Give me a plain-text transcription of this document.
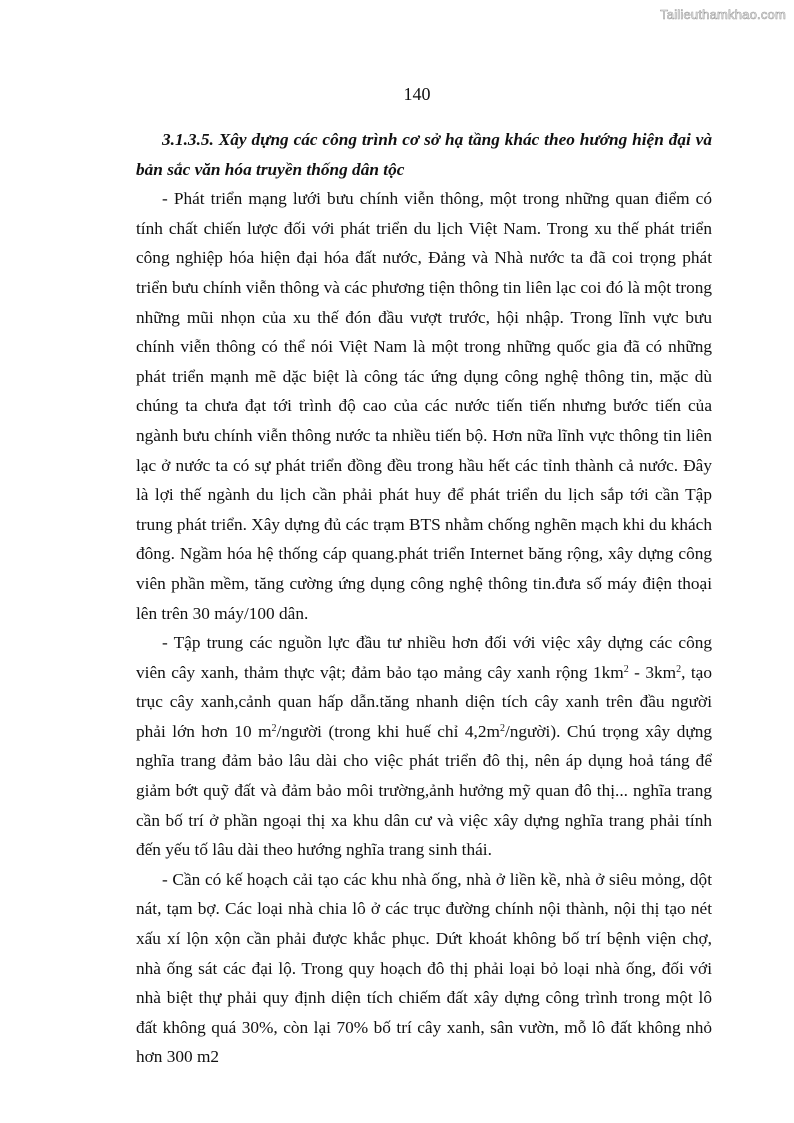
Tailieuthamkhao.com
140

3.1.3.5. Xây dựng các công trình cơ sở hạ tầng khác theo hướng hiện đại và bản sắc văn hóa truyền thống dân tộc

- Phát triển mạng lưới bưu chính viễn thông, một trong những quan điểm có tính chất chiến lược đối với phát triển du lịch Việt Nam. Trong xu thế phát triển công nghiệp hóa hiện đại hóa đất nước, Đảng và Nhà nước ta đã coi trọng phát triển bưu chính viễn thông và các phương tiện thông tin liên lạc coi đó là một trong những mũi nhọn của xu thế đón đầu vượt trước, hội nhập. Trong lĩnh vực bưu chính viễn thông có thể nói Việt Nam là một trong những quốc gia đã có những phát triển mạnh mẽ dặc biệt là công tác ứng dụng công nghệ thông tin, mặc dù chúng ta chưa đạt tới trình độ cao của các nước tiến tiến nhưng bước tiến của ngành bưu chính viễn thông nước ta nhiều tiến bộ. Hơn nữa lĩnh vực thông tin liên lạc ở nước ta có sự phát triển đồng đều trong hầu hết các tỉnh thành cả nước. Đây là lợi thế ngành du lịch cần phải phát huy để phát triển du lịch sắp tới cần Tập trung phát triển. Xây dựng đủ các trạm BTS nhằm chống nghẽn mạch khi du khách đông. Ngầm hóa hệ thống cáp quang.phát triển Internet băng rộng, xây dựng công viên phần mềm, tăng cường ứng dụng công nghệ thông tin.đưa số máy điện thoại lên trên 30 máy/100 dân.

- Tập trung các nguồn lực đầu tư nhiều hơn đối với việc xây dựng các công viên cây xanh, thảm thực vật; đảm bảo tạo mảng cây xanh rộng $1km^2 - 3km^2$, tạo trục cây xanh,cảnh quan hấp dẫn.tăng nhanh diện tích cây xanh trên đầu người phải lớn hơn 10 $m^2$/người (trong khi huế chỉ $4,2m^2/người$). Chú trọng xây dựng nghĩa trang đảm bảo lâu dài cho việc phát triển đô thị, nên áp dụng hoả táng để giảm bớt quỹ đất và đảm bảo môi trường,ảnh hưởng mỹ quan đô thị... nghĩa trang cần bố trí ở phần ngoại thị xa khu dân cư và việc xây dựng nghĩa trang phải tính đến yếu tố lâu dài theo hướng nghĩa trang sinh thái.

- Cần có kế hoạch cải tạo các khu nhà ống, nhà ở liền kề, nhà ở siêu mỏng, dột nát, tạm bợ. Các loại nhà chia lô ở các trục đường chính nội thành, nội thị tạo nét xấu xí lộn xộn cần phải được khắc phục. Dứt khoát không bố trí bệnh viện chợ, nhà ống sát các đại lộ. Trong quy hoạch đô thị phải loại bỏ loại nhà ống, đối với nhà biệt thự phải quy định diện tích chiếm đất xây dựng công trình trong một lô đất không quá 30%, còn lại 70% bố trí cây xanh, sân vườn, mỗ lô đất không nhỏ hơn 300 m2
